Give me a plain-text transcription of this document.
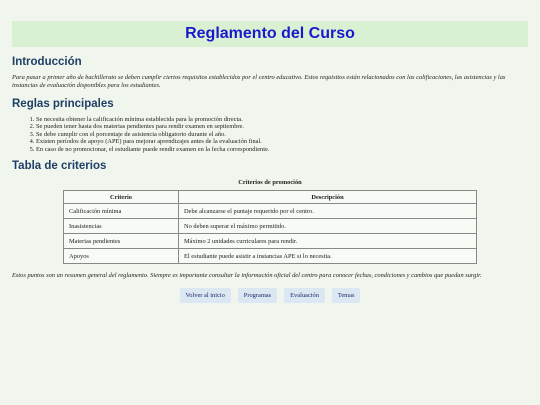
Reglamento del Curso
Introducción

Para pasar a primer año de bachillerato se deben cumplir ciertos requisitos establecidos por el centro educativo. Estos requisitos están relacionados con las calificaciones, las asistencias y las instancias de evaluación disponibles para los estudiantes.

Reglas principales
1. Se necesita obtener la calificación mínima establecida para la promoción directa.
2. Se pueden tener hasta dos materias pendientes para rendir examen en septiembre.
3. Se debe cumplir con el porcentaje de asistencia obligatorio durante el año.
4. Existen períodos de apoyo (APE) para mejorar aprendizajes antes de la evaluación final.
5. En caso de no promocionar, el estudiante puede rendir examen en la fecha correspondiente.
Tabla de criterios
Criterios de promoción
Criterio	Descripción
Calificación mínima	Debe alcanzarse el puntaje requerido por el centro.
Inasistencias	No deben superar el máximo permitido.
Materias pendientes	Máximo 2 unidades curriculares para rendir.
Apoyos	El estudiante puede asistir a instancias APE si lo necesita.

Estos puntos son un resumen general del reglamento. Siempre es importante consultar la información oficial del centro para conocer fechas, condiciones y cambios que puedan surgir.

Volver al inicio	Programas	Evaluación	Temas
